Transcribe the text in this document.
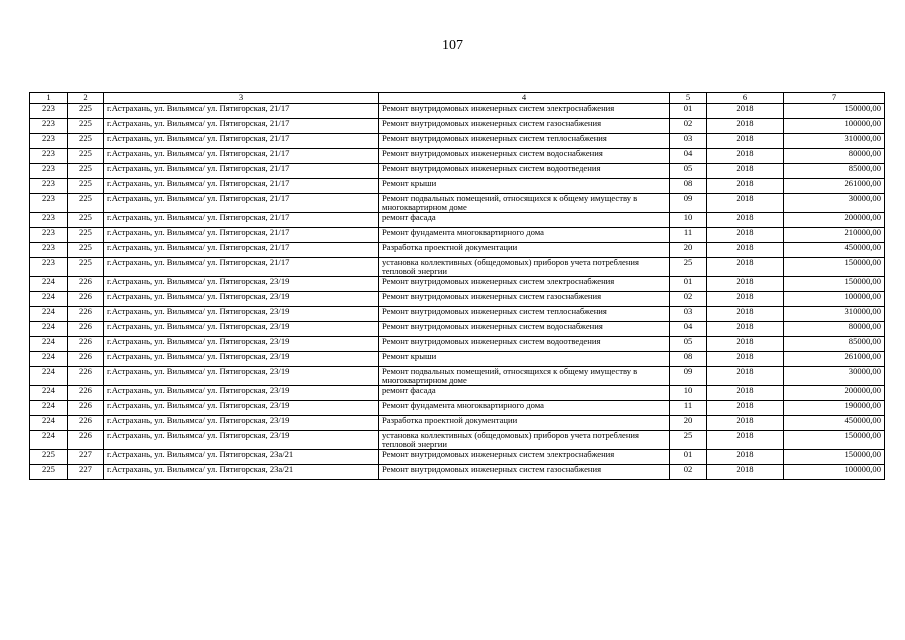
107
1	2	3	4	5	6	7
223	225	г.Астрахань, ул. Вильямса/ ул. Пятигорская, 21/17	Ремонт внутридомовых инженерных систем электроснабжения	01	2018	150000,00
223	225	г.Астрахань, ул. Вильямса/ ул. Пятигорская, 21/17	Ремонт внутридомовых инженерных систем газоснабжения	02	2018	100000,00
223	225	г.Астрахань, ул. Вильямса/ ул. Пятигорская, 21/17	Ремонт внутридомовых инженерных систем теплоснабжения	03	2018	310000,00
223	225	г.Астрахань, ул. Вильямса/ ул. Пятигорская, 21/17	Ремонт внутридомовых инженерных систем водоснабжения	04	2018	80000,00
223	225	г.Астрахань, ул. Вильямса/ ул. Пятигорская, 21/17	Ремонт внутридомовых инженерных систем водоотведения	05	2018	85000,00
223	225	г.Астрахань, ул. Вильямса/ ул. Пятигорская, 21/17	Ремонт крыши	08	2018	261000,00
223	225	г.Астрахань, ул. Вильямса/ ул. Пятигорская, 21/17	Ремонт подвальных помещений, относящихся к общему имуществу в многоквартирном доме	09	2018	30000,00
223	225	г.Астрахань, ул. Вильямса/ ул. Пятигорская, 21/17	ремонт фасада	10	2018	200000,00
223	225	г.Астрахань, ул. Вильямса/ ул. Пятигорская, 21/17	Ремонт фундамента многоквартирного дома	11	2018	210000,00
223	225	г.Астрахань, ул. Вильямса/ ул. Пятигорская, 21/17	Разработка проектной документации	20	2018	450000,00
223	225	г.Астрахань, ул. Вильямса/ ул. Пятигорская, 21/17	установка коллективных (общедомовых) приборов учета потребления тепловой энергии	25	2018	150000,00
224	226	г.Астрахань, ул. Вильямса/ ул. Пятигорская, 23/19	Ремонт внутридомовых инженерных систем электроснабжения	01	2018	150000,00
224	226	г.Астрахань, ул. Вильямса/ ул. Пятигорская, 23/19	Ремонт внутридомовых инженерных систем газоснабжения	02	2018	100000,00
224	226	г.Астрахань, ул. Вильямса/ ул. Пятигорская, 23/19	Ремонт внутридомовых инженерных систем теплоснабжения	03	2018	310000,00
224	226	г.Астрахань, ул. Вильямса/ ул. Пятигорская, 23/19	Ремонт внутридомовых инженерных систем водоснабжения	04	2018	80000,00
224	226	г.Астрахань, ул. Вильямса/ ул. Пятигорская, 23/19	Ремонт внутридомовых инженерных систем водоотведения	05	2018	85000,00
224	226	г.Астрахань, ул. Вильямса/ ул. Пятигорская, 23/19	Ремонт крыши	08	2018	261000,00
224	226	г.Астрахань, ул. Вильямса/ ул. Пятигорская, 23/19	Ремонт подвальных помещений, относящихся к общему имуществу в многоквартирном доме	09	2018	30000,00
224	226	г.Астрахань, ул. Вильямса/ ул. Пятигорская, 23/19	ремонт фасада	10	2018	200000,00
224	226	г.Астрахань, ул. Вильямса/ ул. Пятигорская, 23/19	Ремонт фундамента многоквартирного дома	11	2018	190000,00
224	226	г.Астрахань, ул. Вильямса/ ул. Пятигорская, 23/19	Разработка проектной документации	20	2018	450000,00
224	226	г.Астрахань, ул. Вильямса/ ул. Пятигорская, 23/19	установка коллективных (общедомовых) приборов учета потребления тепловой энергии	25	2018	150000,00
225	227	г.Астрахань, ул. Вильямса/ ул. Пятигорская, 23а/21	Ремонт внутридомовых инженерных систем электроснабжения	01	2018	150000,00
225	227	г.Астрахань, ул. Вильямса/ ул. Пятигорская, 23а/21	Ремонт внутридомовых инженерных систем газоснабжения	02	2018	100000,00
